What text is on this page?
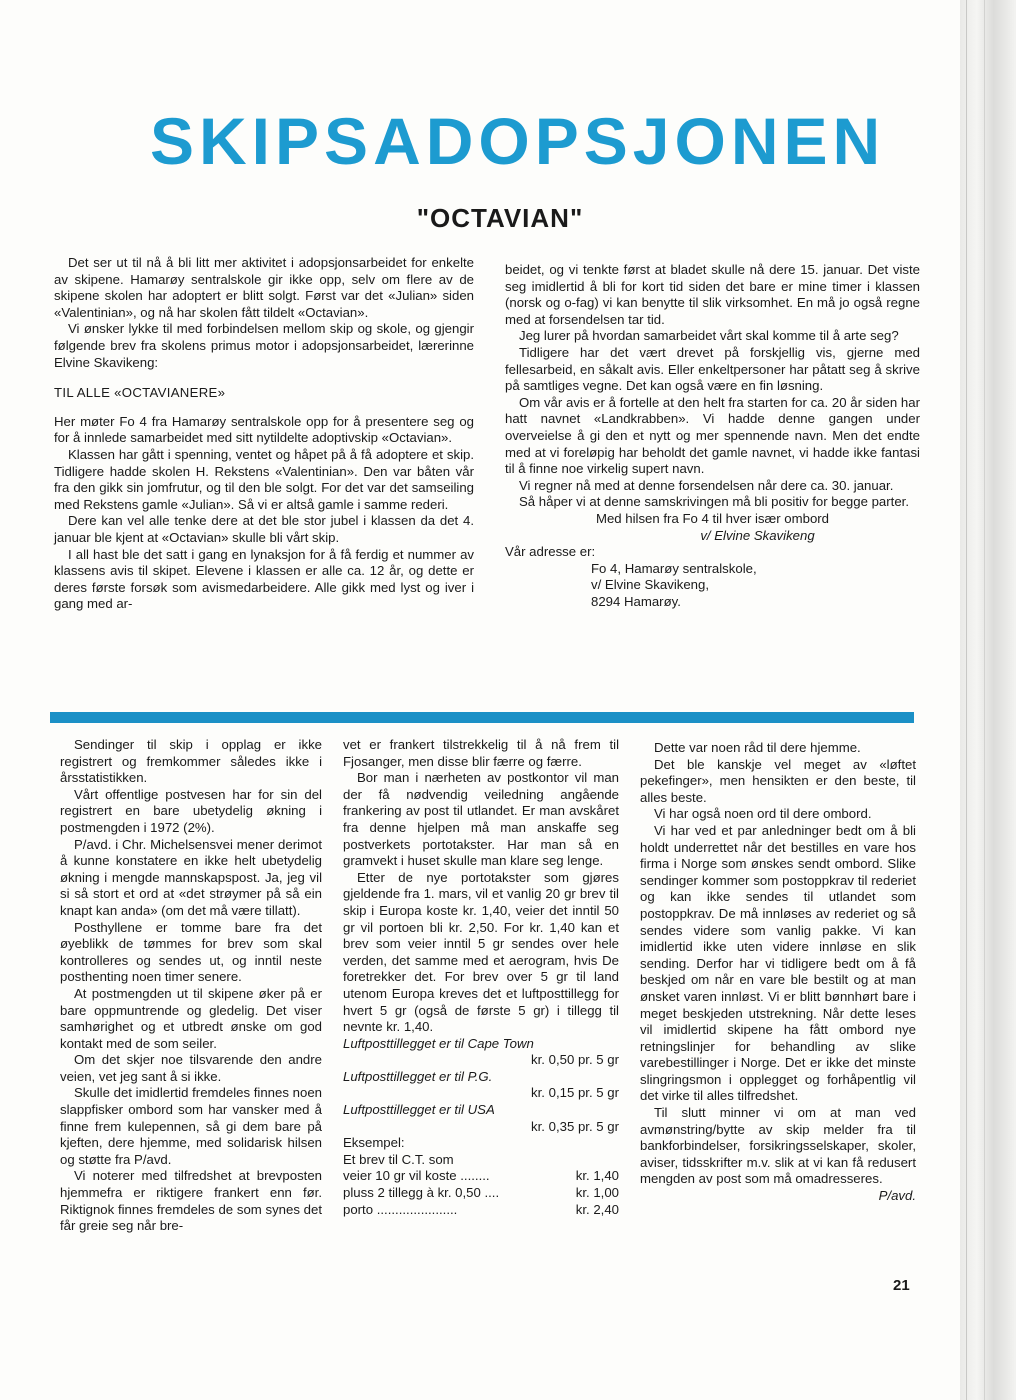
SKIPSADOPSJONEN
"OCTAVIAN"

Det ser ut til nå å bli litt mer aktivitet i adopsjonsarbeidet for enkelte av skipene. Hamarøy sentralskole gir ikke opp, selv om flere av de skipene skolen har adoptert er blitt solgt. Først var det «Julian» siden «Valentinian», og nå har skolen fått tildelt «Octavian».

Vi ønsker lykke til med forbindelsen mellom skip og skole, og gjengir følgende brev fra skolens primus motor i adopsjonsarbeidet, lærerinne Elvine Skavikeng:

TIL ALLE «OCTAVIANERE»

Her møter Fo 4 fra Hamarøy sentralskole opp for å presentere seg og for å innlede samarbeidet med sitt nytildelte adoptivskip «Octavian».

Klassen har gått i spenning, ventet og håpet på å få adoptere et skip. Tidligere hadde skolen H. Rekstens «Valentinian». Den var båten vår fra den gikk sin jomfrutur, og til den ble solgt. For det var det samseiling med Rekstens gamle «Julian». Så vi er altså gamle i samme rederi.

Dere kan vel alle tenke dere at det ble stor jubel i klassen da det 4. januar ble kjent at «Octavian» skulle bli vårt skip.

I all hast ble det satt i gang en lynaksjon for å få ferdig et nummer av klassens avis til skipet. Elevene i klassen er alle ca. 12 år, og dette er deres første forsøk som avismedarbeidere. Alle gikk med lyst og iver i gang med ar-

beidet, og vi tenkte først at bladet skulle nå dere 15. januar. Det viste seg imidlertid å bli for kort tid siden det bare er mine timer i klassen (norsk og o-fag) vi kan benytte til slik virksomhet. En må jo også regne med at forsendelsen tar tid.

Jeg lurer på hvordan samarbeidet vårt skal komme til å arte seg?

Tidligere har det vært drevet på forskjellig vis, gjerne med fellesarbeid, en såkalt avis. Eller enkeltpersoner har påtatt seg å skrive på samtliges vegne. Det kan også være en fin løsning.

Om vår avis er å fortelle at den helt fra starten for ca. 20 år siden har hatt navnet «Landkrabben». Vi hadde denne gangen under overveielse å gi den et nytt og mer spennende navn. Men det endte med at vi foreløpig har beholdt det gamle navnet, vi hadde ikke fantasi til å finne noe virkelig supert navn.

Vi regner nå med at denne forsendelsen når dere ca. 30. januar.

Så håper vi at denne samskrivingen må bli positiv for begge parter.

Med hilsen fra Fo 4 til hver især ombord

v/ Elvine Skavikeng

Vår adresse er:

Fo 4, Hamarøy sentralskole,

v/ Elvine Skavikeng,

8294 Hamarøy.

Sendinger til skip i opplag er ikke registrert og fremkommer således ikke i årsstatistikken.

Vårt offentlige postvesen har for sin del registrert en bare ubetydelig økning i postmengden i 1972 (2%).

P/avd. i Chr. Michelsensvei mener derimot å kunne konstatere en ikke helt ubetydelig økning i mengde mannskapspost. Ja, jeg vil si så stort et ord at «det strøymer på så ein knapt kan anda» (om det må være tillatt).

Posthyllene er tomme bare fra det øyeblikk de tømmes for brev som skal kontrolleres og sendes ut, og inntil neste posthenting noen timer senere.

At postmengden ut til skipene øker på er bare oppmuntrende og gledelig. Det viser samhørighet og et utbredt ønske om god kontakt med de som seiler.

Om det skjer noe tilsvarende den andre veien, vet jeg sant å si ikke.

Skulle det imidlertid fremdeles finnes noen slappfisker ombord som har vansker med å finne frem kulepennen, så gi dem bare på kjeften, dere hjemme, med solidarisk hilsen og støtte fra P/avd.

Vi noterer med tilfredshet at brevposten hjemmefra er riktigere frankert enn før. Riktignok finnes fremdeles de som synes det får greie seg når bre-

vet er frankert tilstrekkelig til å nå frem til Fjosanger, men disse blir færre og færre.

Bor man i nærheten av postkontor vil man der få nødvendig veiledning angående frankering av post til utlandet. Er man avskåret fra denne hjelpen må man anskaffe seg postverkets portotakster. Har man så en gramvekt i huset skulle man klare seg lenge.

Etter de nye portotakster som gjøres gjeldende fra 1. mars, vil et vanlig 20 gr brev til skip i Europa koste kr. 1,40, veier det inntil 50 gr vil portoen bli kr. 2,50. For kr. 1,40 kan et brev som veier inntil 5 gr sendes over hele verden, det samme med et aerogram, hvis De foretrekker det. For brev over 5 gr til land utenom Europa kreves det et luftposttillegg for hvert 5 gr (også de første 5 gr) i tillegg til nevnte kr. 1,40.

Luftposttillegget er til Cape Town

kr. 0,50 pr. 5 gr

Luftposttillegget er til P.G.

kr. 0,15 pr. 5 gr

Luftposttillegget er til USA

kr. 0,35 pr. 5 gr

Eksempel:

Et brev til C.T. som

veier 10 gr vil koste ........	kr. 1,40
pluss 2 tillegg à kr. 0,50 ....	kr. 1,00
porto ......................	kr. 2,40

Dette var noen råd til dere hjemme.

Det ble kanskje vel meget av «løftet pekefinger», men hensikten er den beste, til alles beste.

Vi har også noen ord til dere ombord.

Vi har ved et par anledninger bedt om å bli holdt underrettet når det bestilles en vare hos firma i Norge som ønskes sendt ombord. Slike sendinger kommer som postoppkrav til rederiet og kan ikke sendes til utlandet som postoppkrav. De må innløses av rederiet og så sendes videre som vanlig pakke. Vi kan imidlertid ikke uten videre innløse en slik sending. Derfor har vi tidligere bedt om å få beskjed om når en vare ble bestilt og at man ønsket varen innløst. Vi er blitt bønnhørt bare i meget beskjeden utstrekning. Når dette leses vil imidlertid skipene ha fått ombord nye retningslinjer for behandling av slike varebestillinger i Norge. Det er ikke det minste slingringsmon i opplegget og forhåpentlig vil det virke til alles tilfredshet.

Til slutt minner vi om at man ved avmønstring/bytte av skip melder fra til bankforbindelser, forsikringsselskaper, skoler, aviser, tidsskrifter m.v. slik at vi kan få redusert mengden av post som må omadresseres.

P/avd.

21
